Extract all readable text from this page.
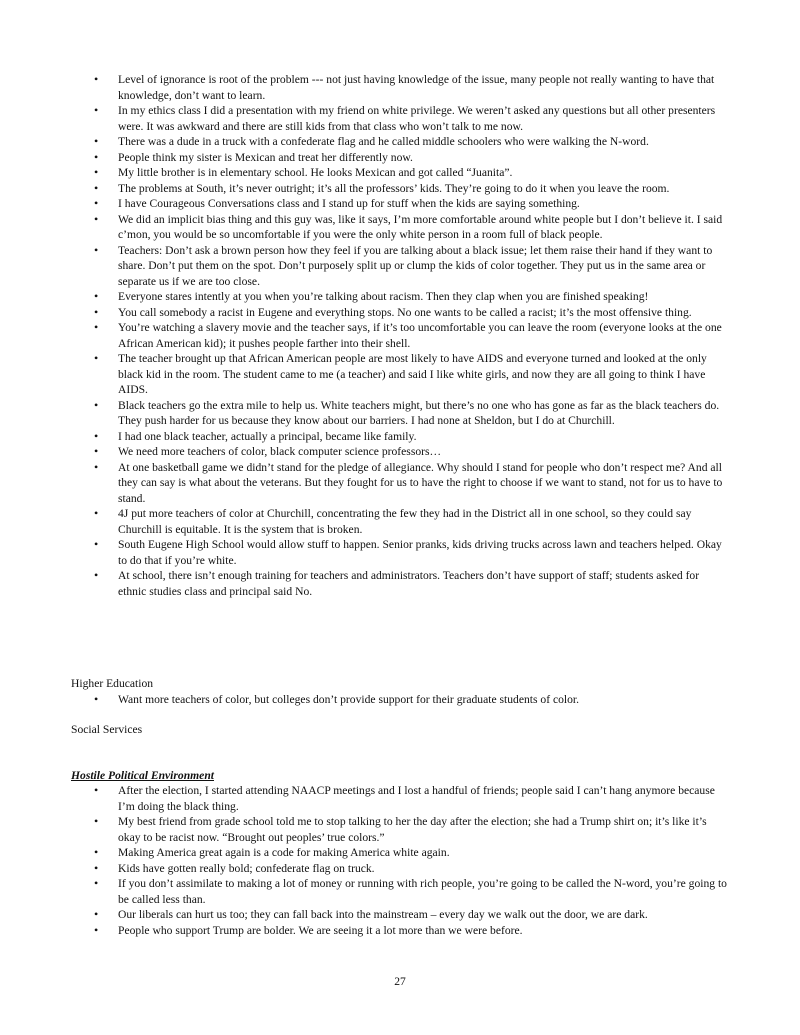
• Level of ignorance is root of the problem --- not just having knowledge of the issue, many people not really wanting to have that knowledge, don’t want to learn.
• In my ethics class I did a presentation with my friend on white privilege. We weren’t asked any questions but all other presenters were. It was awkward and there are still kids from that class who won’t talk to me now.
• There was a dude in a truck with a confederate flag and he called middle schoolers who were walking the N-word.
• People think my sister is Mexican and treat her differently now.
• My little brother is in elementary school. He looks Mexican and got called “Juanita”.
• The problems at South, it’s never outright; it’s all the professors’ kids. They’re going to do it when you leave the room.
• I have Courageous Conversations class and I stand up for stuff when the kids are saying something.
• We did an implicit bias thing and this guy was, like it says, I’m more comfortable around white people but I don’t believe it. I said c’mon, you would be so uncomfortable if you were the only white person in a room full of black people.
• Teachers: Don’t ask a brown person how they feel if you are talking about a black issue; let them raise their hand if they want to share. Don’t put them on the spot. Don’t purposely split up or clump the kids of color together. They put us in the same area or separate us if we are too close.
• Everyone stares intently at you when you’re talking about racism. Then they clap when you are finished speaking!
• You call somebody a racist in Eugene and everything stops. No one wants to be called a racist; it’s the most offensive thing.
• You’re watching a slavery movie and the teacher says, if it’s too uncomfortable you can leave the room (everyone looks at the one African American kid); it pushes people farther into their shell.
• The teacher brought up that African American people are most likely to have AIDS and everyone turned and looked at the only black kid in the room. The student came to me (a teacher) and said I like white girls, and now they are all going to think I have AIDS.
• Black teachers go the extra mile to help us. White teachers might, but there’s no one who has gone as far as the black teachers do. They push harder for us because they know about our barriers. I had none at Sheldon, but I do at Churchill.
• I had one black teacher, actually a principal, became like family.
• We need more teachers of color, black computer science professors…
• At one basketball game we didn’t stand for the pledge of allegiance. Why should I stand for people who don’t respect me? And all they can say is what about the veterans. But they fought for us to have the right to choose if we want to stand, not for us to have to stand.
• 4J put more teachers of color at Churchill, concentrating the few they had in the District all in one school, so they could say Churchill is equitable. It is the system that is broken.
• South Eugene High School would allow stuff to happen. Senior pranks, kids driving trucks across lawn and teachers helped. Okay to do that if you’re white.
• At school, there isn’t enough training for teachers and administrators. Teachers don’t have support of staff; students asked for ethnic studies class and principal said No.
Higher Education
• Want more teachers of color, but colleges don’t provide support for their graduate students of color.
Social Services
Hostile Political Environment
• After the election, I started attending NAACP meetings and I lost a handful of friends; people said I can’t hang anymore because I’m doing the black thing.
• My best friend from grade school told me to stop talking to her the day after the election; she had a Trump shirt on; it’s like it’s okay to be racist now. “Brought out peoples’ true colors.”
• Making America great again is a code for making America white again.
• Kids have gotten really bold; confederate flag on truck.
• If you don’t assimilate to making a lot of money or running with rich people, you’re going to be called the N-word, you’re going to be called less than.
• Our liberals can hurt us too; they can fall back into the mainstream – every day we walk out the door, we are dark.
• People who support Trump are bolder. We are seeing it a lot more than we were before.
27
